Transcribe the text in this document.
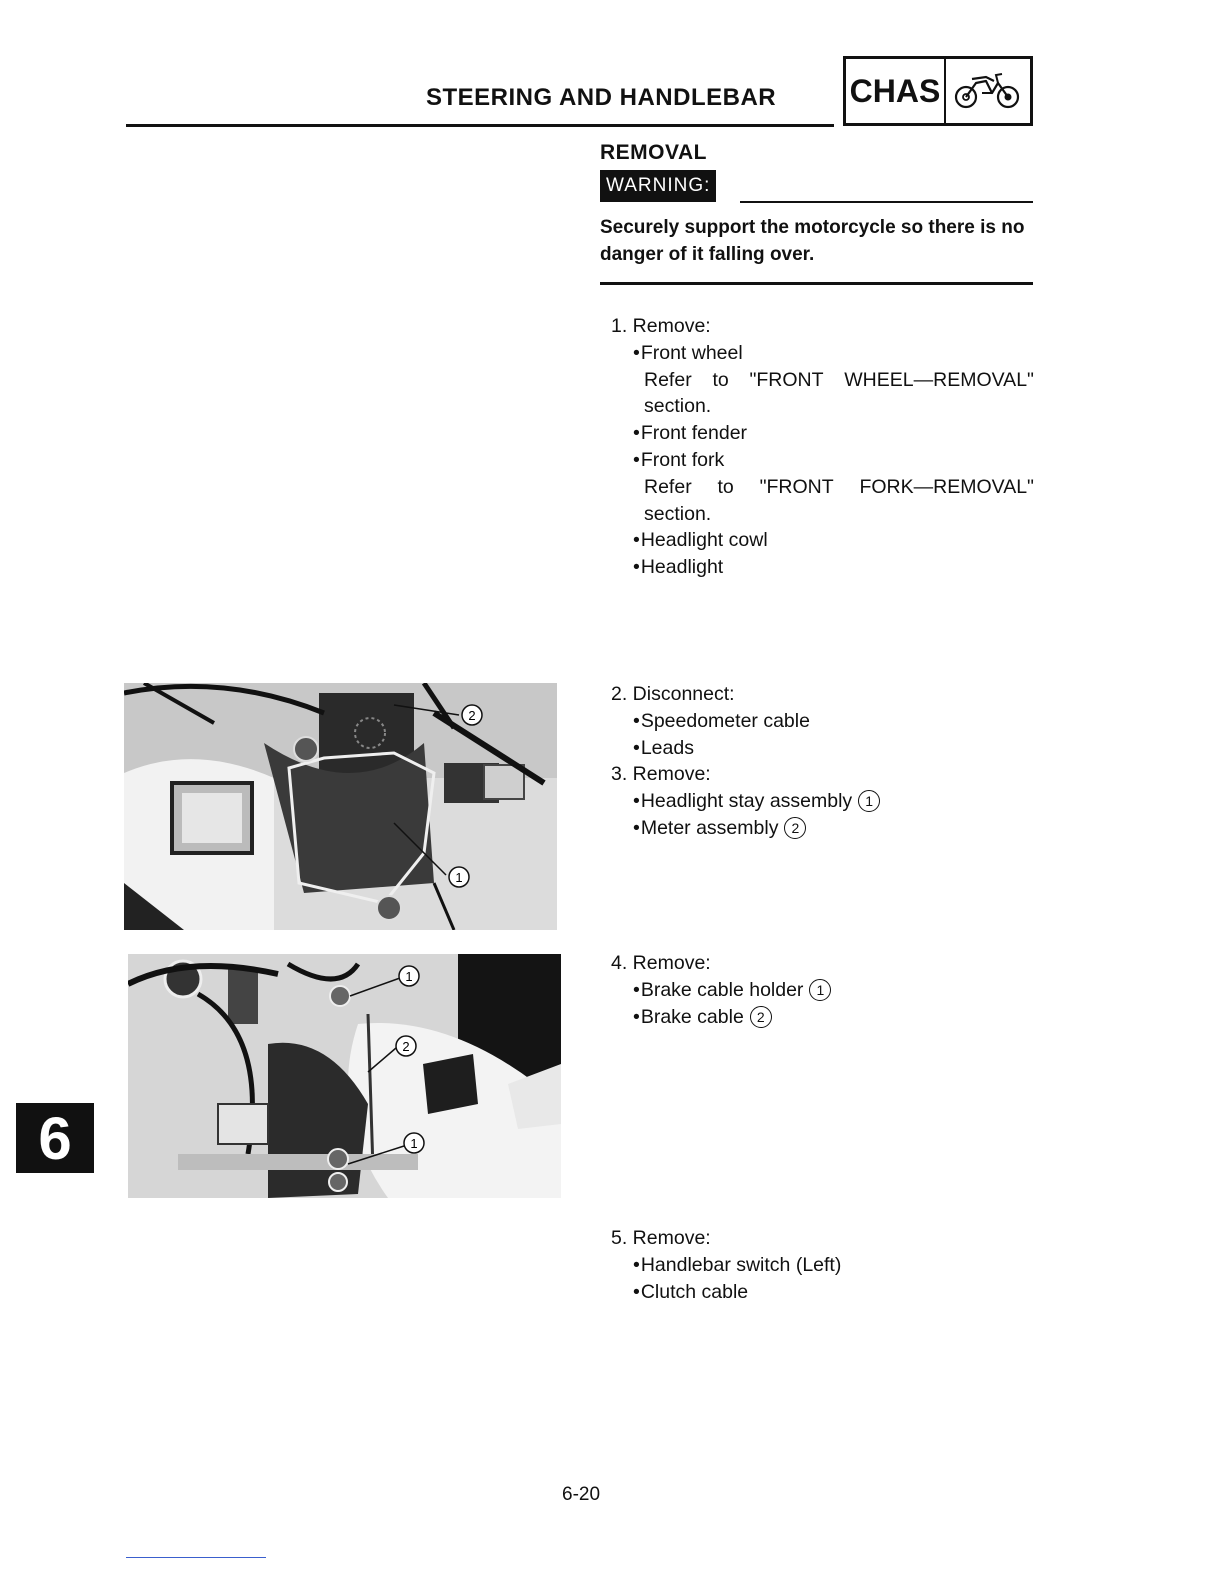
STEERING AND HANDLEBAR CHAS
REMOVAL
WARNING:
Securely support the motorcycle so there is no danger of it falling over.
1. Remove:
• Front wheel
Refer to "FRONT WHEEL—REMOVAL"
section.
• Front fender
• Front fork
Refer to "FRONT FORK—REMOVAL"
section.
• Headlight cowl
• Headlight
2. Disconnect:
• Speedometer cable
• Leads
3. Remove:
• Headlight stay assembly 1
• Meter assembly 2
4. Remove:
• Brake cable holder 1
• Brake cable 2
5. Remove:
• Handlebar switch (Left)
• Clutch cable
2
1
1
2
1
6
6-20
